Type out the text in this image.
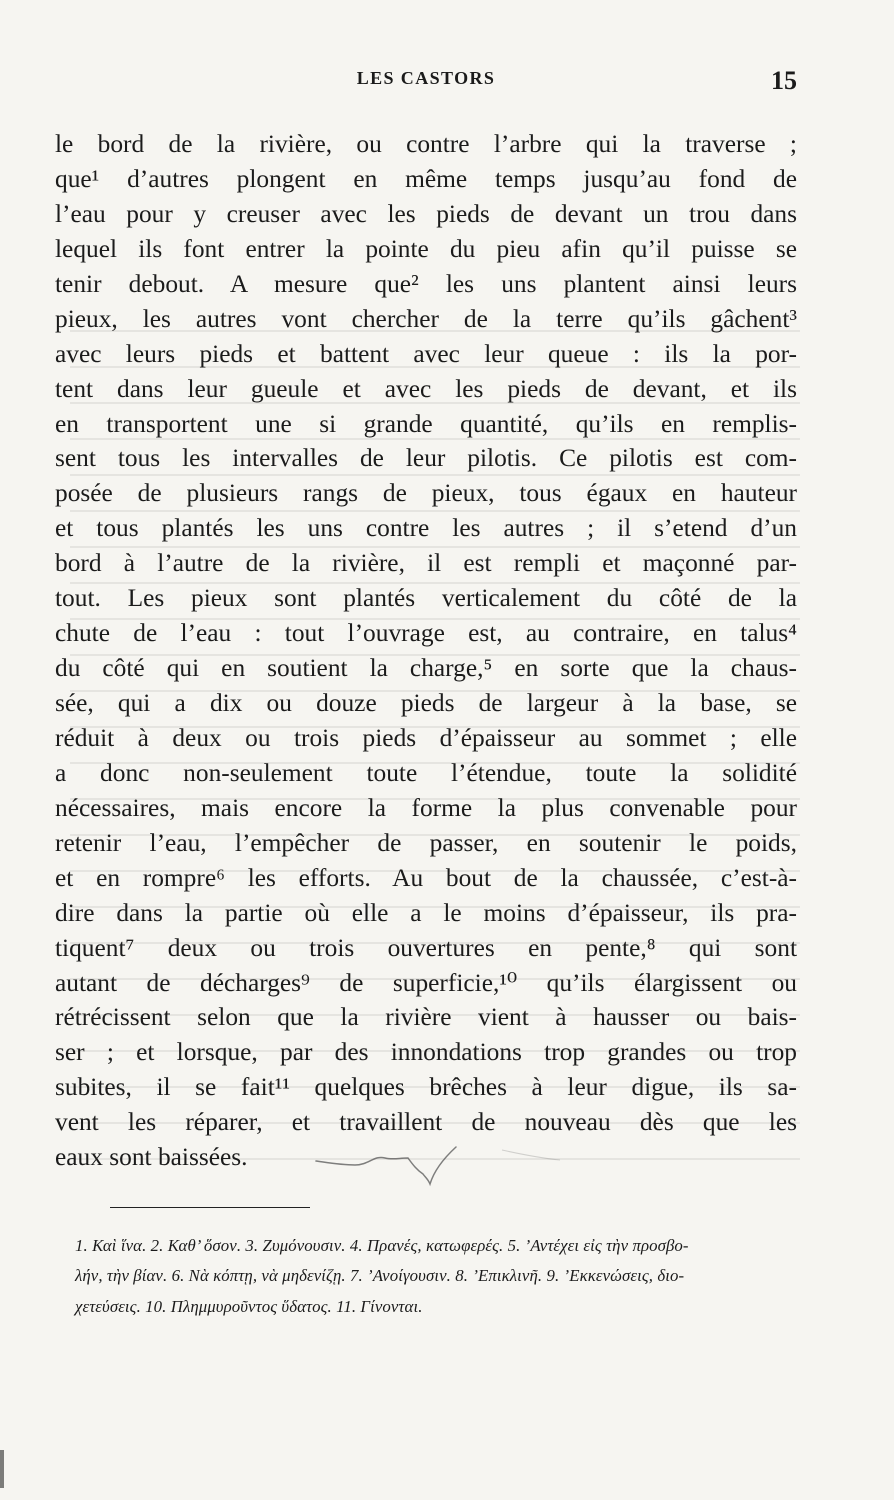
LES CASTORS	15
le bord de la rivière, ou contre l’arbre qui la traverse ;
que¹ d’autres plongent en même temps jusqu’au fond de
l’eau pour y creuser avec les pieds de devant un trou dans
lequel ils font entrer la pointe du pieu afin qu’il puisse se
tenir debout. A mesure que² les uns plantent ainsi leurs
pieux, les autres vont chercher de la terre qu’ils gâchent³
avec leurs pieds et battent avec leur queue : ils la por-
tent dans leur gueule et avec les pieds de devant, et ils
en transportent une si grande quantité, qu’ils en remplis-
sent tous les intervalles de leur pilotis. Ce pilotis est com-
posée de plusieurs rangs de pieux, tous égaux en hauteur
et tous plantés les uns contre les autres ; il s’etend d’un
bord à l’autre de la rivière, il est rempli et maçonné par-
tout. Les pieux sont plantés verticalement du côté de la
chute de l’eau : tout l’ouvrage est, au contraire, en talus⁴
du côté qui en soutient la charge,⁵ en sorte que la chaus-
sée, qui a dix ou douze pieds de largeur à la base, se
réduit à deux ou trois pieds d’épaisseur au sommet ; elle
a donc non-seulement toute l’étendue, toute la solidité
nécessaires, mais encore la forme la plus convenable pour
retenir l’eau, l’empêcher de passer, en soutenir le poids,
et en rompre⁶ les efforts. Au bout de la chaussée, c’est-à-
dire dans la partie où elle a le moins d’épaisseur, ils pra-
tiquent⁷ deux ou trois ouvertures en pente,⁸ qui sont
autant de décharges⁹ de superficie,¹⁰ qu’ils élargissent ou
rétrécissent selon que la rivière vient à hausser ou bais-
ser ; et lorsque, par des innondations trop grandes ou trop
subites, il se fait¹¹ quelques brêches à leur digue, ils sa-
vent les réparer, et travaillent de nouveau dès que les
eaux sont baissées.
1. Καὶ ἵνα. 2. Καθ’ ὅσον. 3. Ζυμόνουσιν. 4. Πρανές, κατωφερές. 5. ’Αντέχει εἰς τὴν προσβο-
λήν, τὴν βίαν. 6. Νὰ κόπτῃ, νὰ μηδενίζῃ. 7. ’Ανοίγουσιν. 8. ’Επικλινῆ. 9. ’Εκκενώσεις, διο-
χετεύσεις. 10. Πλημμυροῦντος ὕδατος. 11. Γίνονται.
